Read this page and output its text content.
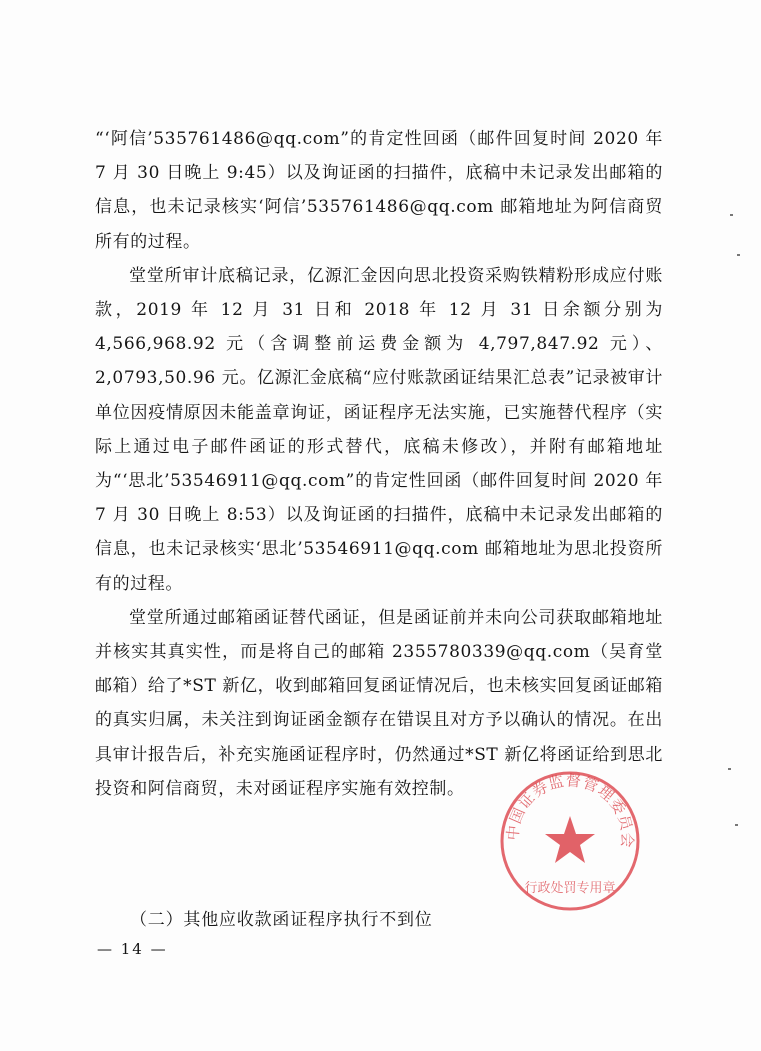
“‘阿信’535761486@qq.com”的肯定性回函（邮件回复时间 2020 年 7 月 30 日晚上 9:45）以及询证函的扫描件，底稿中未记录发出邮箱的信息，也未记录核实‘阿信’535761486@qq.com 邮箱地址为阿信商贸所有的过程。

堂堂所审计底稿记录，亿源汇金因向思北投资采购铁精粉形成应付账款，2019 年 12 月 31 日和 2018 年 12 月 31 日余额分别为 4,566,968.92 元（含调整前运费金额为 4,797,847.92 元）、2,0793,50.96 元。亿源汇金底稿“应付账款函证结果汇总表”记录被审计单位因疫情原因未能盖章询证，函证程序无法实施，已实施替代程序（实际上通过电子邮件函证的形式替代，底稿未修改），并附有邮箱地址为“‘思北’53546911@qq.com”的肯定性回函（邮件回复时间 2020 年 7 月 30 日晚上 8:53）以及询证函的扫描件，底稿中未记录发出邮箱的信息，也未记录核实‘思北’53546911@qq.com 邮箱地址为思北投资所有的过程。

堂堂所通过邮箱函证替代函证，但是函证前并未向公司获取邮箱地址并核实其真实性，而是将自己的邮箱 2355780339@qq.com（吴育堂邮箱）给了*ST 新亿，收到邮箱回复函证情况后，也未核实回复函证邮箱的真实归属，未关注到询证函金额存在错误且对方予以确认的情况。在出具审计报告后，补充实施函证程序时，仍然通过*ST 新亿将函证给到思北投资和阿信商贸，未对函证程序实施有效控制。

（二）其他应收款函证程序执行不到位
— 14 —
中国证券监督管理委员会
行政处罚专用章
